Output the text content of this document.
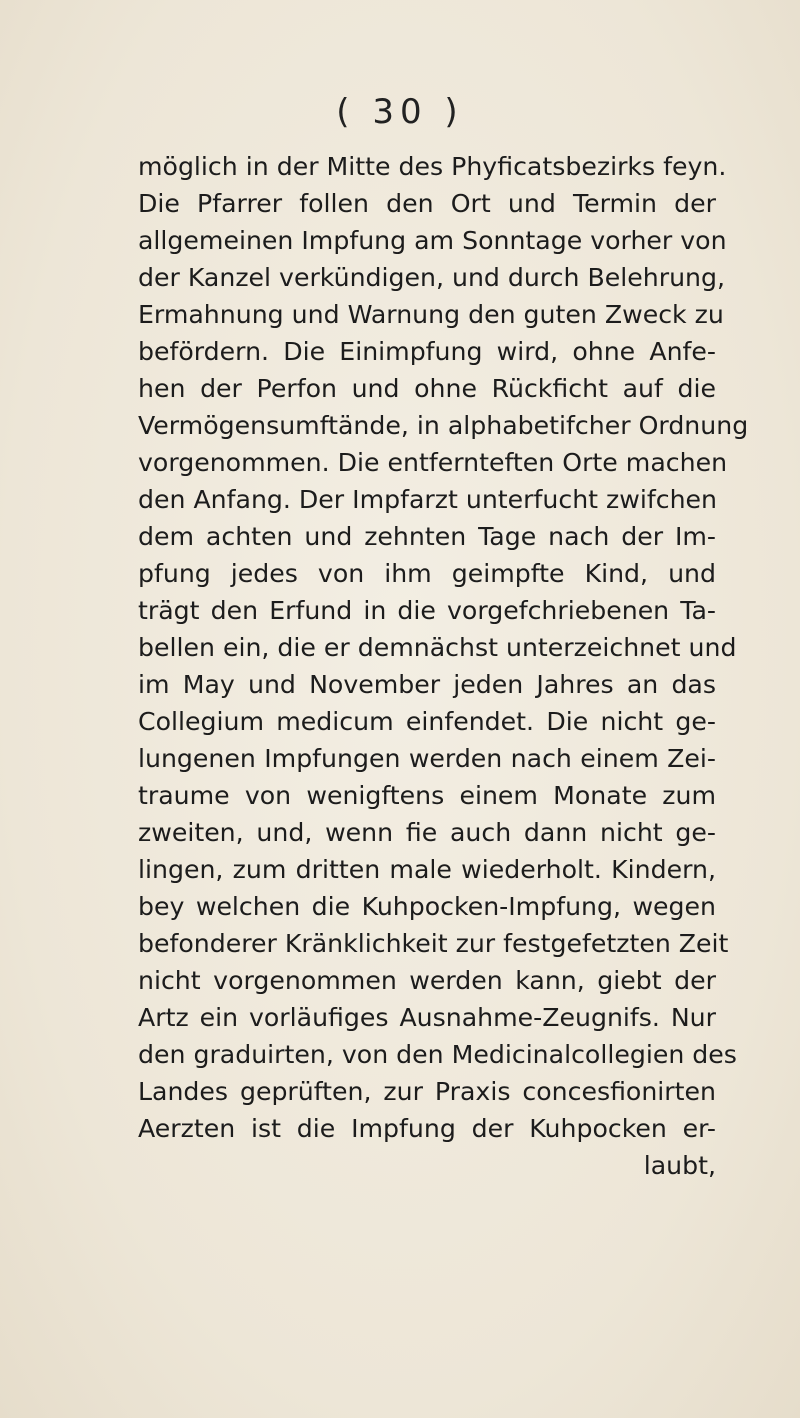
( 30 )
möglich in der Mitte des Phyficatsbezirks feyn.
Die Pfarrer follen den Ort und Termin der
allgemeinen Impfung am Sonntage vorher von
der Kanzel verkündigen, und durch Belehrung,
Ermahnung und Warnung den guten Zweck zu
befördern. Die Einimpfung wird, ohne Anfe-
hen der Perfon und ohne Rückficht auf die
Vermögensumftände, in alphabetifcher Ordnung
vorgenommen. Die entfernteften Orte machen
den Anfang. Der Impfarzt unterfucht zwifchen
dem achten und zehnten Tage nach der Im-
pfung jedes von ihm geimpfte Kind, und
trägt den Erfund in die vorgefchriebenen Ta-
bellen ein, die er demnächst unterzeichnet und
im May und November jeden Jahres an das
Collegium medicum einfendet. Die nicht ge-
lungenen Impfungen werden nach einem Zei-
traume von wenigftens einem Monate zum
zweiten, und, wenn fie auch dann nicht ge-
lingen, zum dritten male wiederholt. Kindern,
bey welchen die Kuhpocken-Impfung, wegen
befonderer Kränklichkeit zur festgefetzten Zeit
nicht vorgenommen werden kann, giebt der
Artz ein vorläufiges Ausnahme-Zeugnifs. Nur
den graduirten, von den Medicinalcollegien des
Landes geprüften, zur Praxis concesfionirten
Aerzten ist die Impfung der Kuhpocken er-
laubt,
